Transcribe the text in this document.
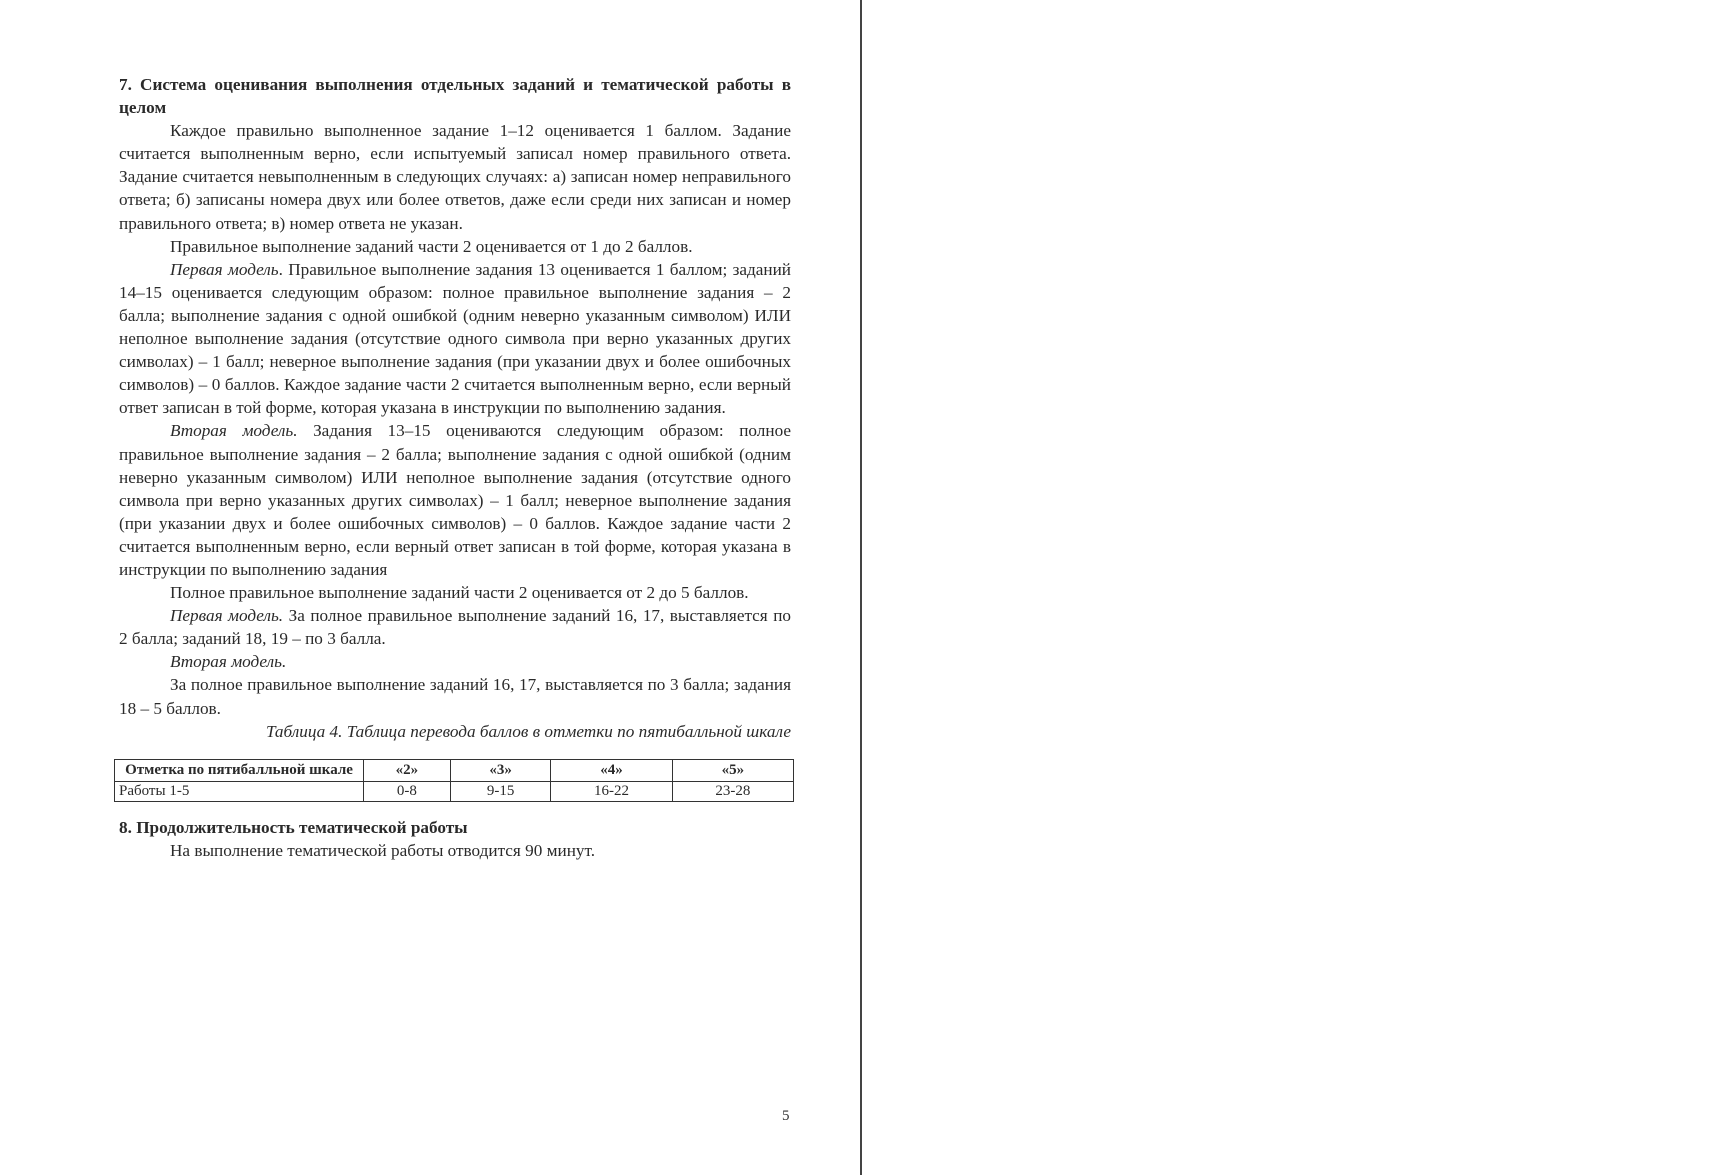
7. Система оценивания выполнения отдельных заданий и тематической работы в целом

Каждое правильно выполненное задание 1–12 оценивается 1 баллом. Задание считается выполненным верно, если испытуемый записал номер правильного ответа. Задание считается невыполненным в следующих случаях: а) записан номер неправильного ответа; б) записаны номера двух или более ответов, даже если среди них записан и номер правильного ответа; в) номер ответа не указан.

Правильное выполнение заданий части 2 оценивается от 1 до 2 баллов.

Первая модель. Правильное выполнение задания 13 оценивается 1 баллом; заданий 14–15 оценивается следующим образом: полное правильное выполнение задания – 2 балла; выполнение задания с одной ошибкой (одним неверно указанным символом) ИЛИ неполное выполнение задания (отсутствие одного символа при верно указанных других символах) – 1 балл; неверное выполнение задания (при указании двух и более ошибочных символов) – 0 баллов. Каждое задание части 2 считается выполненным верно, если верный ответ записан в той форме, которая указана в инструкции по выполнению задания.

Вторая модель. Задания 13–15 оцениваются следующим образом: полное правильное выполнение задания – 2 балла; выполнение задания с одной ошибкой (одним неверно указанным символом) ИЛИ неполное выполнение задания (отсутствие одного символа при верно указанных других символах) – 1 балл; неверное выполнение задания (при указании двух и более ошибочных символов) – 0 баллов. Каждое задание части 2 считается выполненным верно, если верный ответ записан в той форме, которая указана в инструкции по выполнению задания

Полное правильное выполнение заданий части 2 оценивается от 2 до 5 баллов.

Первая модель. За полное правильное выполнение заданий 16, 17, выставляется по 2 балла; заданий 18, 19 – по 3 балла.

Вторая модель.

За полное правильное выполнение заданий 16, 17, выставляется по 3 балла; задания 18 – 5 баллов.

Таблица 4. Таблица перевода баллов в отметки по пятибалльной шкале

Отметка по пятибалльной шкале	«2»	«3»	«4»	«5»
Работы 1-5	0-8	9-15	16-22	23-28

8. Продолжительность тематической работы

На выполнение тематической работы отводится 90 минут.

5
